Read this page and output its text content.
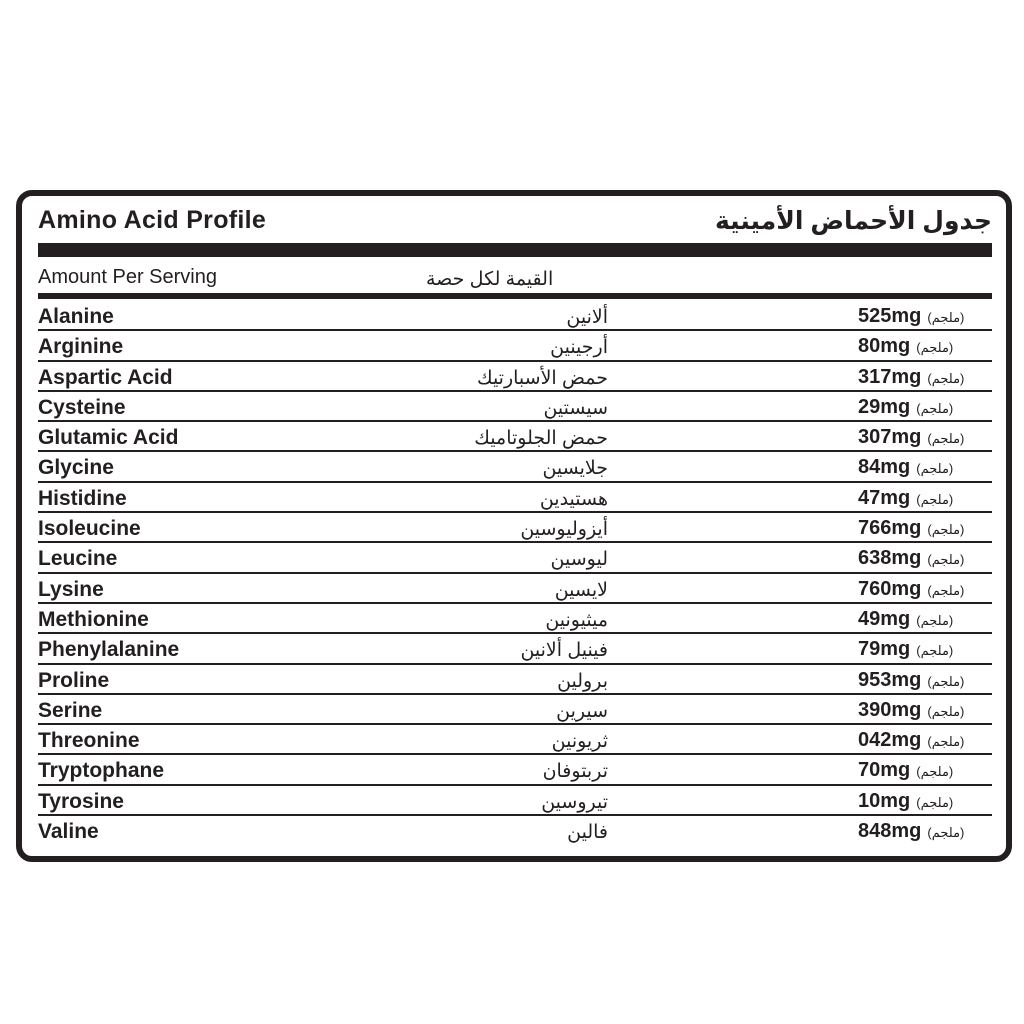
Amino Acid Profile	جدول الأحماض الأمينية
Amount Per Serving	القيمة لكل حصة
Alanine	ألانين	525mg (ملجم)
Arginine	أرجينين	80mg (ملجم)
Aspartic Acid	حمض الأسبارتيك	317mg (ملجم)
Cysteine	سيستين	29mg (ملجم)
Glutamic Acid	حمض الجلوتاميك	307mg (ملجم)
Glycine	جلايسين	84mg (ملجم)
Histidine	هستيدين	47mg (ملجم)
Isoleucine	أيزوليوسين	766mg (ملجم)
Leucine	ليوسين	638mg (ملجم)
Lysine	لايسين	760mg (ملجم)
Methionine	ميثيونين	49mg (ملجم)
Phenylalanine	فينيل ألانين	79mg (ملجم)
Proline	برولين	953mg (ملجم)
Serine	سيرين	390mg (ملجم)
Threonine	ثريونين	042mg (ملجم)
Tryptophane	تربتوفان	70mg (ملجم)
Tyrosine	تيروسين	10mg (ملجم)
Valine	فالين	848mg (ملجم)
